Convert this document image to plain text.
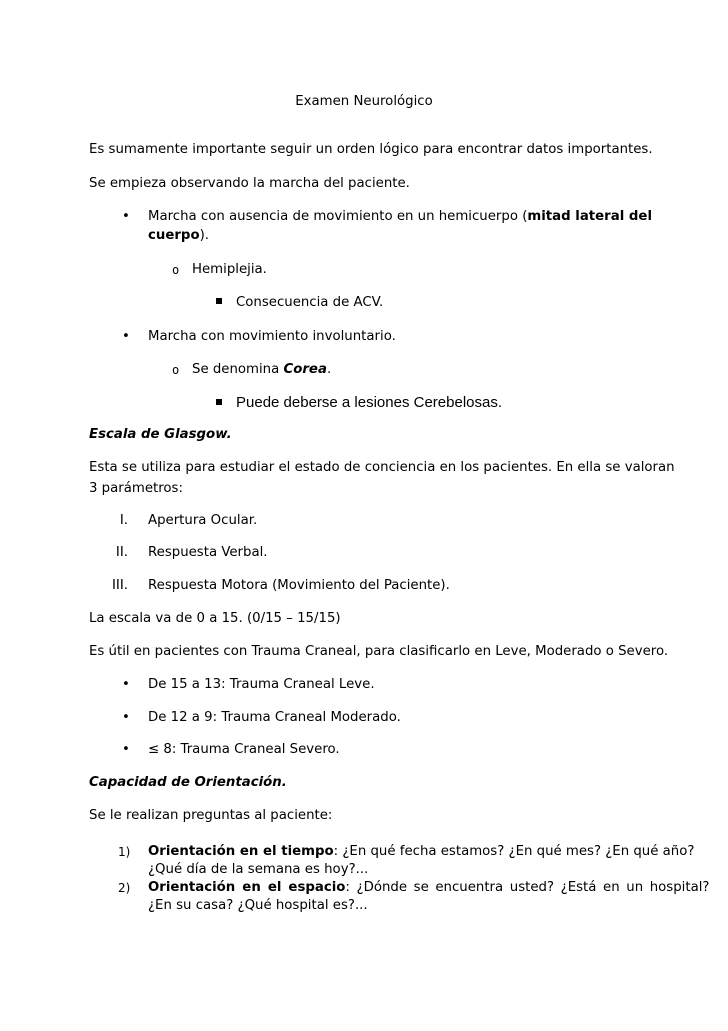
Examen Neurológico
Es sumamente importante seguir un orden lógico para encontrar datos importantes.
Se empieza observando la marcha del paciente.
• Marcha con ausencia de movimiento en un hemicuerpo (mitad lateral del
cuerpo).
o Hemiplejia.
Consecuencia de ACV.
• Marcha con movimiento involuntario.
o Se denomina Corea.
Puede deberse a lesiones Cerebelosas.
Escala de Glasgow.
Esta se utiliza para estudiar el estado de conciencia en los pacientes. En ella se valoran
3 parámetros:
I. Apertura Ocular.
II. Respuesta Verbal.
III. Respuesta Motora (Movimiento del Paciente).
La escala va de 0 a 15. (0/15 – 15/15)
Es útil en pacientes con Trauma Craneal, para clasificarlo en Leve, Moderado o Severo.
• De 15 a 13: Trauma Craneal Leve.
• De 12 a 9: Trauma Craneal Moderado.
• ≤ 8: Trauma Craneal Severo.
Capacidad de Orientación.
Se le realizan preguntas al paciente:
1)	Orientación en el tiempo: ¿En qué fecha estamos? ¿En qué mes? ¿En qué año?
¿Qué día de la semana es hoy?...
2)	Orientación en el espacio: ¿Dónde se encuentra usted? ¿Está en un hospital?
¿En su casa? ¿Qué hospital es?...
